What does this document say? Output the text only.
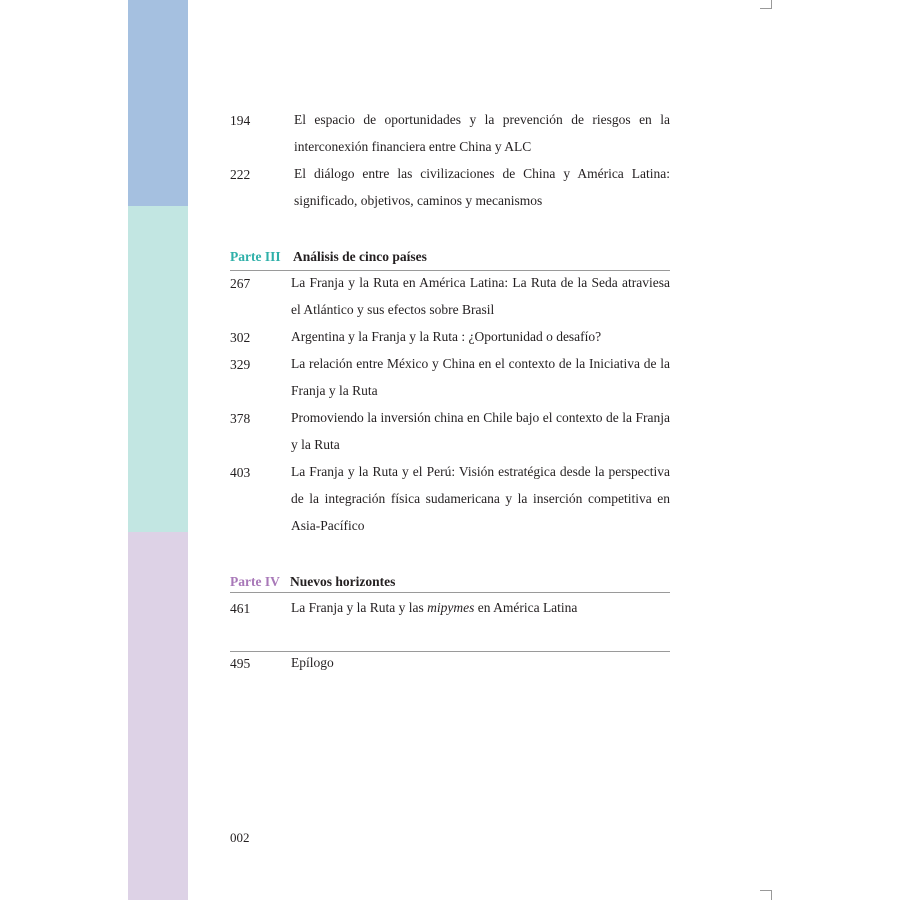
194	El espacio de oportunidades y la prevención de riesgos en la interconexión financiera entre China y ALC
222	El diálogo entre las civilizaciones de China y América Latina: significado, objetivos, caminos y mecanismos
Parte III Análisis de cinco países
267	La Franja y la Ruta en América Latina: La Ruta de la Seda atraviesa el Atlántico y sus efectos sobre Brasil
302	Argentina y la Franja y la Ruta : ¿Oportunidad o desafío?
329	La relación entre México y China en el contexto de la Iniciativa de la Franja y la Ruta
378	Promoviendo la inversión china en Chile bajo el contexto de la Franja y la Ruta
403	La Franja y la Ruta y el Perú: Visión estratégica desde la perspectiva de la integración física sudamericana y la inserción competitiva en Asia-Pacífico
Parte IV Nuevos horizontes
461	La Franja y la Ruta y las mipymes en América Latina
495	Epílogo
002
